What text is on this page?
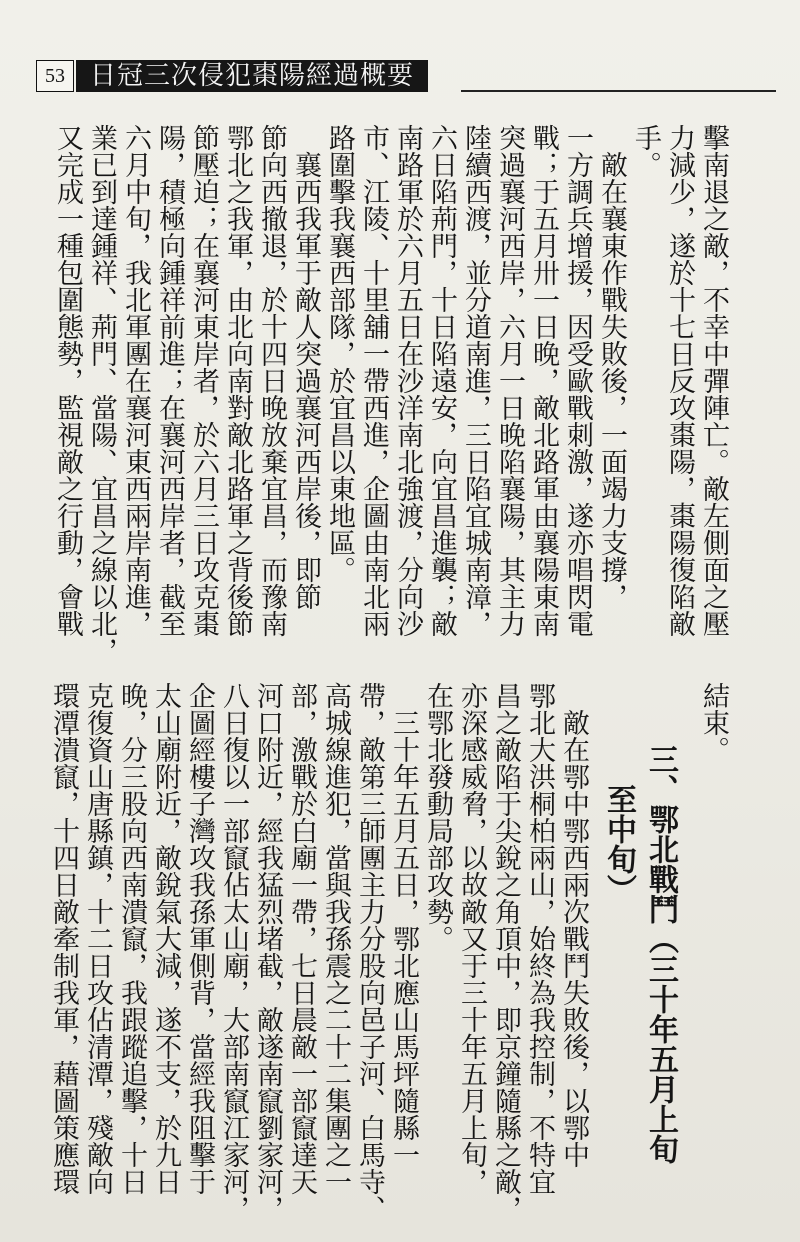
53 日冠三次侵犯棗陽經過概要
擊南退之敵，不幸中彈陣亡。敵左側面之壓
力減少，遂於十七日反攻棗陽，棗陽復陷敵
手。
　敵在襄東作戰失敗後，一面竭力支撐，
一方調兵增援，因受歐戰刺激，遂亦唱閃電
戰；于五月卅一日晚，敵北路軍由襄陽東南
突過襄河西岸，六月一日晚陷襄陽，其主力
陸續西渡，並分道南進，三日陷宜城南漳，
六日陷荊門，十日陷遠安，向宜昌進襲；敵
南路軍於六月五日在沙洋南北強渡，分向沙
市、江陵、十里舖一帶西進，企圖由南北兩
路圍擊我襄西部隊，於宜昌以東地區。
　襄西我軍于敵人突過襄河西岸後，即節
節向西撤退，於十四日晚放棄宜昌，而豫南
鄂北之我軍，由北向南對敵北路軍之背後節
節壓迫；在襄河東岸者，於六月三日攻克棗
陽，積極向鍾祥前進；在襄河西岸者，截至
六月中旬，我北軍團在襄河東西兩岸南進，
業已到達鍾祥、荊門、當陽、宜昌之線以北，
又完成一種包圍態勢，監視敵之行動，會戰
結束。
三、鄂北戰鬥（三十年五月上旬
至中旬）
　敵在鄂中鄂西兩次戰鬥失敗後，以鄂中
鄂北大洪桐柏兩山，始終為我控制，不特宜
昌之敵陷于尖銳之角頂中，即京鐘隨縣之敵，
亦深感威脅，以故敵又于三十年五月上旬，
在鄂北發動局部攻勢。
　三十年五月五日，鄂北應山馬坪隨縣一
帶，敵第三師團主力分股向邑子河、白馬寺、
高城線進犯，當與我孫震之二十二集團之一
部，激戰於白廟一帶，七日晨敵一部竄達天
河口附近，經我猛烈堵截，敵遂南竄劉家河，
八日復以一部竄佔太山廟，大部南竄江家河，
企圖經樓子灣攻我孫軍側背，當經我阻擊于
太山廟附近，敵銳氣大減，遂不支，於九日
晚，分三股向西南潰竄，我跟蹤追擊，十日
克復資山唐縣鎮，十二日攻佔清潭，殘敵向
環潭潰竄，十四日敵牽制我軍，藉圖策應環
